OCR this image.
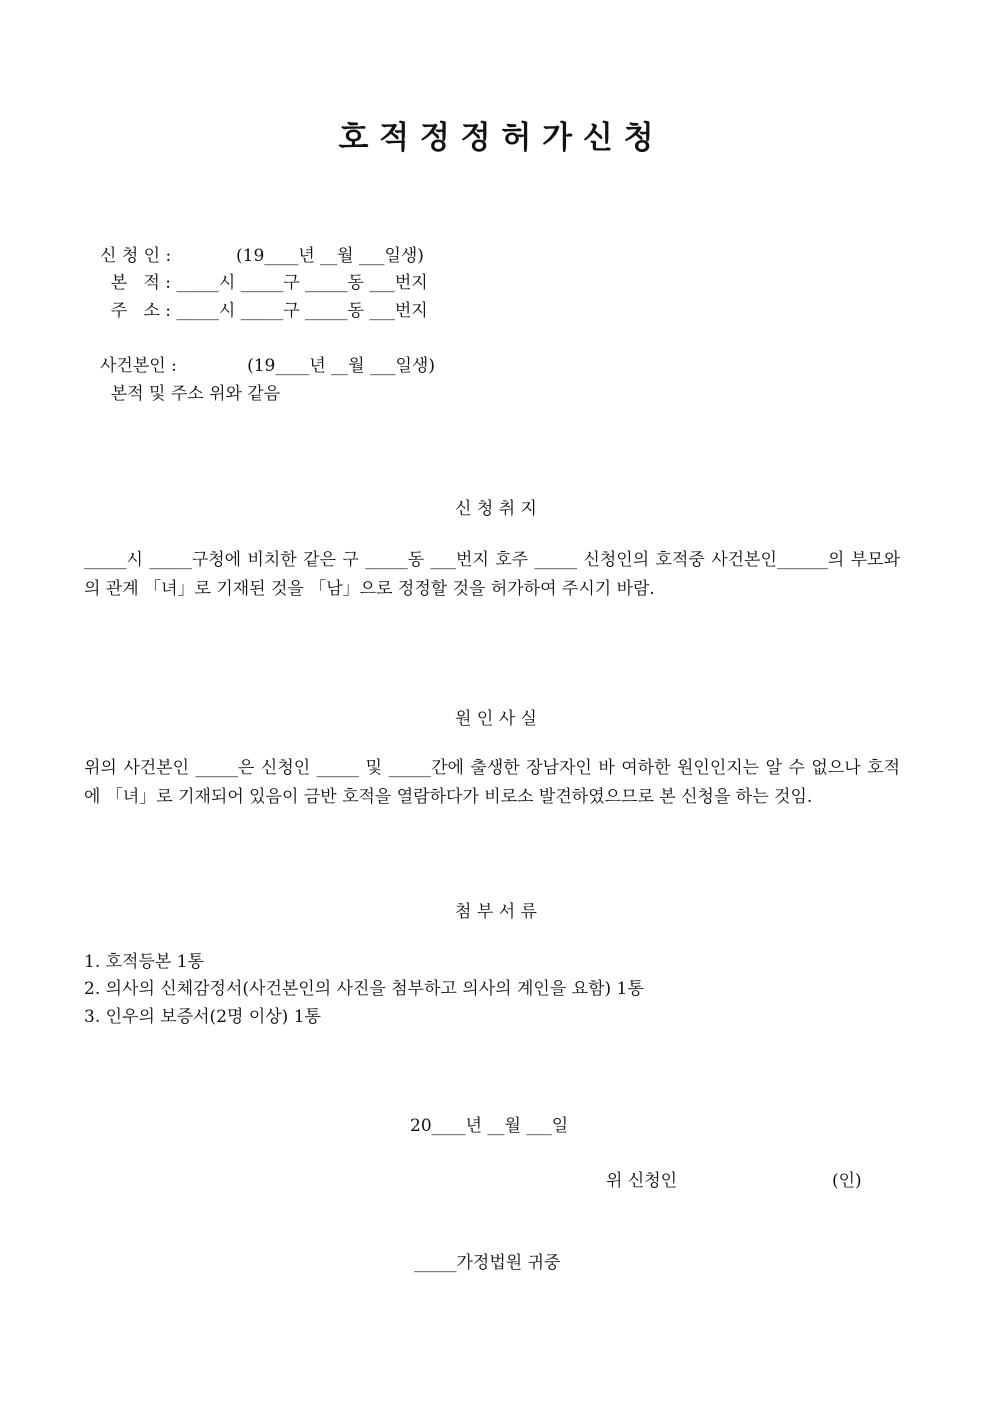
호 적 정 정 허 가 신 청
신 청 인 :            (19____년 __월 ___일생)
본   적 : _____시 _____구 _____동 ___번지
주   소 : _____시 _____구 _____동 ___번지
사건본인 :             (19____년 __월 ___일생)
본적 및 주소 위와 같음
신 청 취 지
_____시 _____구청에 비치한 같은 구 _____동 ___번지 호주 _____ 신청인의 호적중 사건본인______의 부모와의 관계 「녀」로 기재된 것을 「남」으로 정정할 것을 허가하여 주시기 바람.
원 인 사 실
위의 사건본인 _____은 신청인 _____ 및 _____간에 출생한 장남자인 바 여하한 원인인지는 알 수 없으나 호적에 「녀」로 기재되어 있음이 금반 호적을 열람하다가 비로소 발견하였으므로 본 신청을 하는 것임.
첨 부 서 류
1. 호적등본 1통
2. 의사의 신체감정서(사건본인의 사진을 첨부하고 의사의 계인을 요함) 1통
3. 인우의 보증서(2명 이상) 1통
20____년 __월 ___일
위 신청인	(인)
_____가정법원 귀중
